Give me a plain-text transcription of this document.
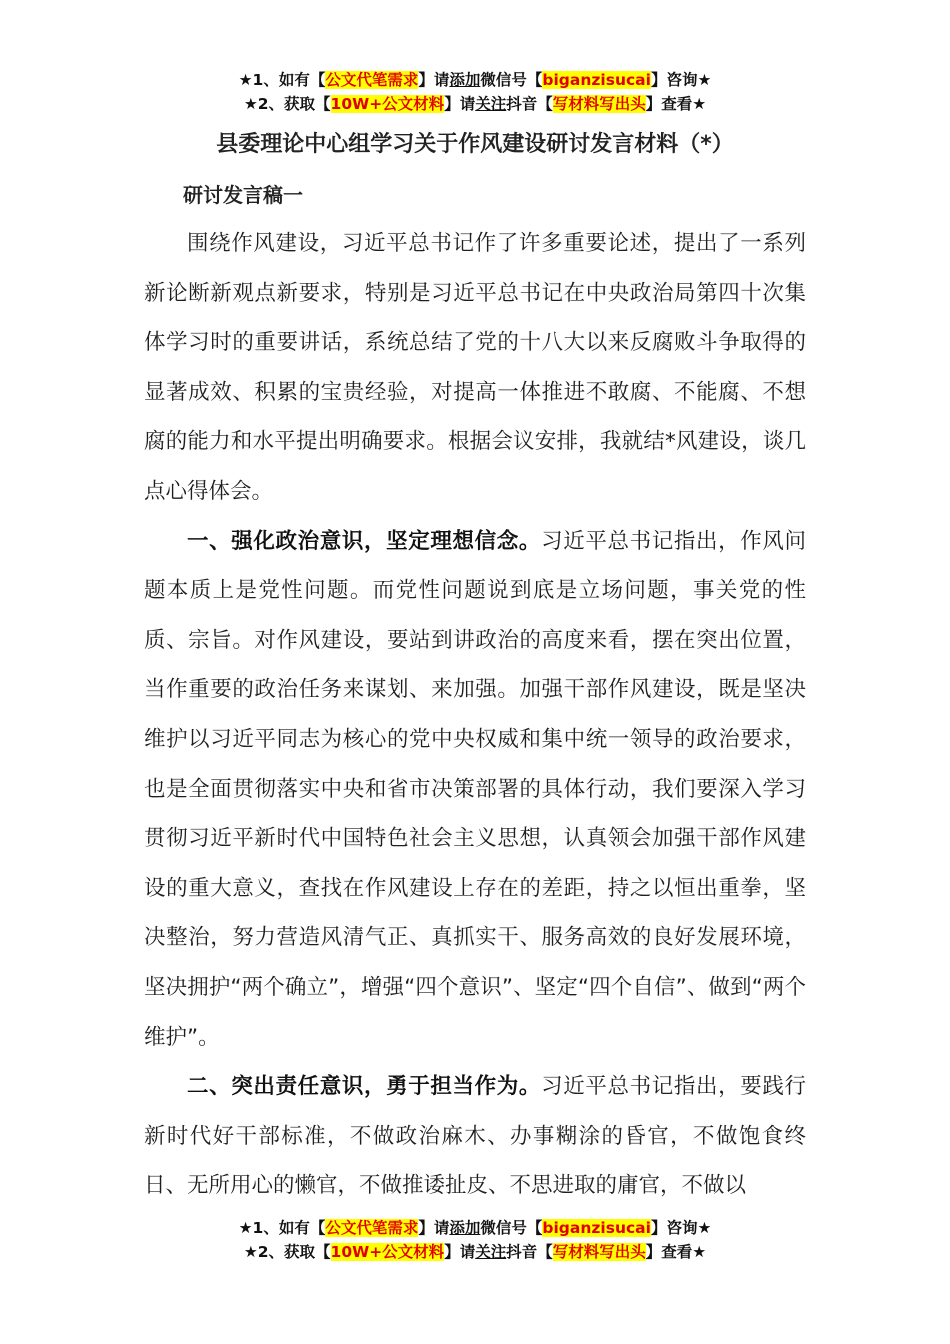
★1、如有【公文代笔需求】请添加微信号【biganzisucai】咨询★
★2、获取【10W+公文材料】请关注抖音【写材料写出头】查看★
县委理论中心组学习关于作风建设研讨发言材料（*）
研讨发言稿一

围绕作风建设，习近平总书记作了许多重要论述，提出了一系列新论断新观点新要求，特别是习近平总书记在中央政治局第四十次集体学习时的重要讲话，系统总结了党的十八大以来反腐败斗争取得的显著成效、积累的宝贵经验，对提高一体推进不敢腐、不能腐、不想腐的能力和水平提出明确要求。根据会议安排，我就结*风建设，谈几点心得体会。

一、强化政治意识，坚定理想信念。习近平总书记指出，作风问题本质上是党性问题。而党性问题说到底是立场问题，事关党的性质、宗旨。对作风建设，要站到讲政治的高度来看，摆在突出位置，当作重要的政治任务来谋划、来加强。加强干部作风建设，既是坚决维护以习近平同志为核心的党中央权威和集中统一领导的政治要求，也是全面贯彻落实中央和省市决策部署的具体行动，我们要深入学习贯彻习近平新时代中国特色社会主义思想，认真领会加强干部作风建设的重大意义，查找在作风建设上存在的差距，持之以恒出重拳，坚决整治，努力营造风清气正、真抓实干、服务高效的良好发展环境，坚决拥护“两个确立”，增强“四个意识”、坚定“四个自信”、做到“两个维护”。

二、突出责任意识，勇于担当作为。习近平总书记指出，要践行新时代好干部标准，不做政治麻木、办事糊涂的昏官，不做饱食终日、无所用心的懒官，不做推诿扯皮、不思进取的庸官，不做以

★1、如有【公文代笔需求】请添加微信号【biganzisucai】咨询★
★2、获取【10W+公文材料】请关注抖音【写材料写出头】查看★
